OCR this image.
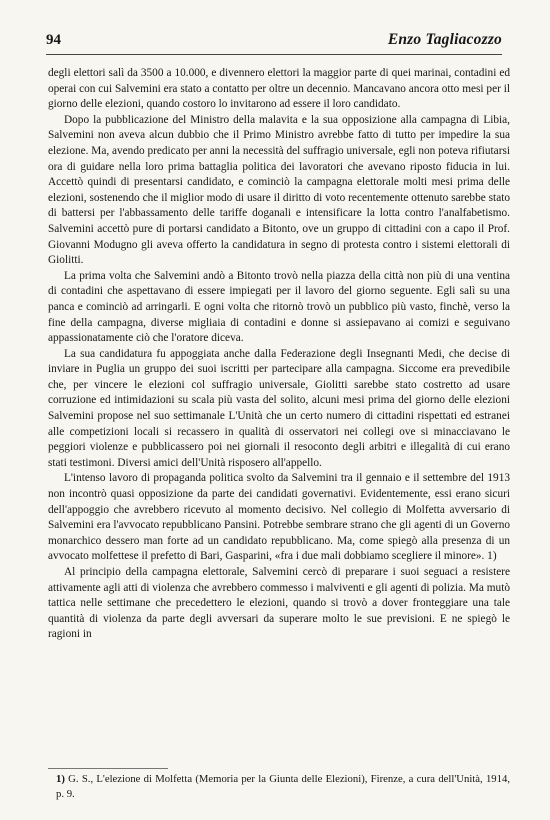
94	Enzo Tagliacozzo

degli elettori salì da 3500 a 10.000, e divennero elettori la maggior parte di quei marinai, contadini ed operai con cui Salvemini era stato a contatto per oltre un decennio. Mancavano ancora otto mesi per il giorno delle elezioni, quando costoro lo invitarono ad essere il loro candidato.

Dopo la pubblicazione del Ministro della malavita e la sua opposizione alla campagna di Libia, Salvemini non aveva alcun dubbio che il Primo Ministro avrebbe fatto di tutto per impedire la sua elezione. Ma, avendo predicato per anni la necessità del suffragio universale, egli non poteva rifiutarsi ora di guidare nella loro prima battaglia politica dei lavoratori che avevano riposto fiducia in lui. Accettò quindi di presentarsi candidato, e cominciò la campagna elettorale molti mesi prima delle elezioni, sostenendo che il miglior modo di usare il diritto di voto recentemente ottenuto sarebbe stato di battersi per l'abbassamento delle tariffe doganali e intensificare la lotta contro l'analfabetismo. Salvemini accettò pure di portarsi candidato a Bitonto, ove un gruppo di cittadini con a capo il Prof. Giovanni Modugno gli aveva offerto la candidatura in segno di protesta contro i sistemi elettorali di Giolitti.

La prima volta che Salvemini andò a Bitonto trovò nella piazza della città non più di una ventina di contadini che aspettavano di essere impiegati per il lavoro del giorno seguente. Egli salì su una panca e cominciò ad arringarli. E ogni volta che ritornò trovò un pubblico più vasto, finchè, verso la fine della campagna, diverse migliaia di contadini e donne si assiepavano ai comizi e seguivano appassionatamente ciò che l'oratore diceva.

La sua candidatura fu appoggiata anche dalla Federazione degli Insegnanti Medi, che decise di inviare in Puglia un gruppo dei suoi iscritti per partecipare alla campagna. Siccome era prevedibile che, per vincere le elezioni col suffragio universale, Giolitti sarebbe stato costretto ad usare corruzione ed intimidazioni su scala più vasta del solito, alcuni mesi prima del giorno delle elezioni Salvemini propose nel suo settimanale L'Unità che un certo numero di cittadini rispettati ed estranei alle competizioni locali si recassero in qualità di osservatori nei collegi ove si minacciavano le peggiori violenze e pubblicassero poi nei giornali il resoconto degli arbitri e illegalità di cui erano stati testimoni. Diversi amici dell'Unità risposero all'appello.

L'intenso lavoro di propaganda politica svolto da Salvemini tra il gennaio e il settembre del 1913 non incontrò quasi opposizione da parte dei candidati governativi. Evidentemente, essi erano sicuri dell'appoggio che avrebbero ricevuto al momento decisivo. Nel collegio di Molfetta avversario di Salvemini era l'avvocato repubblicano Pansini. Potrebbe sembrare strano che gli agenti di un Governo monarchico dessero man forte ad un candidato repubblicano. Ma, come spiegò alla presenza di un avvocato molfettese il prefetto di Bari, Gasparini, «fra i due mali dobbiamo scegliere il minore». 1)

Al principio della campagna elettorale, Salvemini cercò di preparare i suoi seguaci a resistere attivamente agli atti di violenza che avrebbero commesso i malviventi e gli agenti di polizia. Ma mutò tattica nelle settimane che precedettero le elezioni, quando si trovò a dover fronteggiare una tale quantità di violenza da parte degli avversari da superare molto le sue previsioni. E ne spiegò le ragioni in

1) G. S., L'elezione di Molfetta (Memoria per la Giunta delle Elezioni), Firenze, a cura dell'Unità, 1914, p. 9.
